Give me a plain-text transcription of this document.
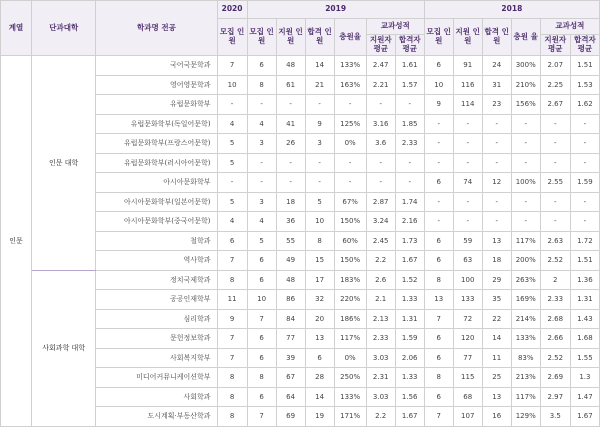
계열	단과대학	학과명 전공	2020	2019						2018					
			모집 인원	모집 인원	지원 인원	합격 인원	충원율	교과성적		모집 인원	지원 인원	합격 인원	충원 율	교과성적	
								지원자 평균	합격자 평균					지원자 평균	합격자 평균
인문	인문 대학	국어국문학과	7	6	48	14	133%	2.47	1.61	6	91	24	300%	2.07	1.51
		영어영문학과	10	8	61	21	163%	2.21	1.57	10	116	31	210%	2.25	1.53
		유럽문화학부	-	-	-	-	-	-	-	9	114	23	156%	2.67	1.62
		유럽문화학부(독일어문학)	4	4	41	9	125%	3.16	1.85	-	-	-	-	-	-
		유럽문화학부(프랑스어문학)	5	3	26	3	0%	3.6	2.33	-	-	-	-	-	-
		유럽문화학부(러시아어문학)	5	-	-	-	-	-	-	-	-	-	-	-	-
		아시아문화학부	-	-	-	-	-	-	-	6	74	12	100%	2.55	1.59
		아시아문화학부(일본어문학)	5	3	18	5	67%	2.87	1.74	-	-	-	-	-	-
		아시아문화학부(중국어문학)	4	4	36	10	150%	3.24	2.16	-	-	-	-	-	-
		철학과	6	5	55	8	60%	2.45	1.73	6	59	13	117%	2.63	1.72
		역사학과	7	6	49	15	150%	2.2	1.67	6	63	18	200%	2.52	1.51
	사회과학 대학	정치국제학과	8	6	48	17	183%	2.6	1.52	8	100	29	263%	2	1.36
		공공인재학부	11	10	86	32	220%	2.1	1.33	13	133	35	169%	2.33	1.31
		심리학과	9	7	84	20	186%	2.13	1.31	7	72	22	214%	2.68	1.43
		문헌정보학과	7	6	77	13	117%	2.33	1.59	6	120	14	133%	2.66	1.68
		사회복지학부	7	6	39	6	0%	3.03	2.06	6	77	11	83%	2.52	1.55
		미디어커뮤니케이션학부	8	8	67	28	250%	2.31	1.33	8	115	25	213%	2.69	1.3
		사회학과	8	6	64	14	133%	3.03	1.56	6	68	13	117%	2.97	1.47
		도시계획·부동산학과	8	7	69	19	171%	2.2	1.67	7	107	16	129%	3.5	1.67
